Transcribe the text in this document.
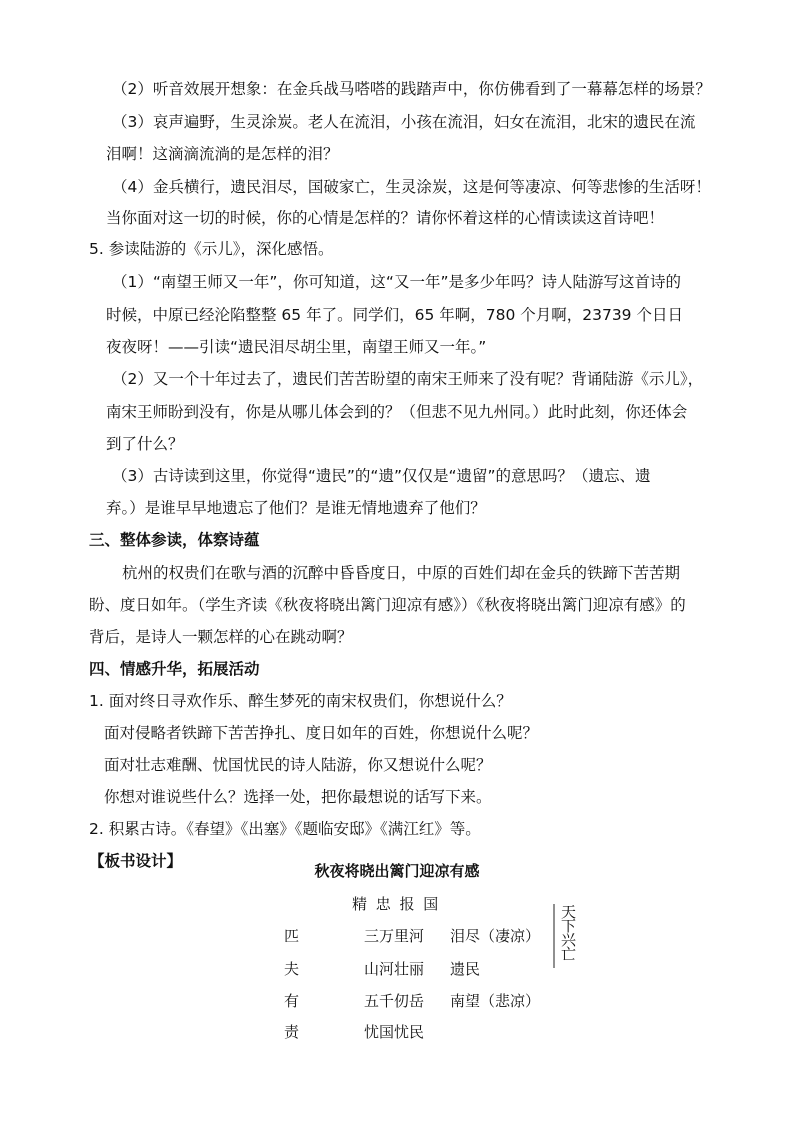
（2）听音效展开想象：在金兵战马嗒嗒的践踏声中，你仿佛看到了一幕幕怎样的场景？
（3）哀声遍野，生灵涂炭。老人在流泪，小孩在流泪，妇女在流泪，北宋的遗民在流
泪啊！这滴滴流淌的是怎样的泪？
（4）金兵横行，遗民泪尽，国破家亡，生灵涂炭，这是何等凄凉、何等悲惨的生活呀！
当你面对这一切的时候，你的心情是怎样的？请你怀着这样的心情读读这首诗吧！
5. 参读陆游的《示儿》，深化感悟。
（1）“南望王师又一年”，你可知道，这“又一年”是多少年吗？诗人陆游写这首诗的
时候，中原已经沦陷整整 65 年了。同学们，65 年啊，780 个月啊，23739 个日日
夜夜呀！——引读“遗民泪尽胡尘里，南望王师又一年。”
（2）又一个十年过去了，遗民们苦苦盼望的南宋王师来了没有呢？背诵陆游《示儿》，
南宋王师盼到没有，你是从哪儿体会到的？（但悲不见九州同。）此时此刻，你还体会
到了什么？
（3）古诗读到这里，你觉得“遗民”的“遗”仅仅是“遗留”的意思吗？（遗忘、遗
弃。）是谁早早地遗忘了他们？是谁无情地遗弃了他们？
三、整体参读，体察诗蕴
杭州的权贵们在歌与酒的沉醉中昏昏度日，中原的百姓们却在金兵的铁蹄下苦苦期
盼、度日如年。（学生齐读《秋夜将晓出篱门迎凉有感》）《秋夜将晓出篱门迎凉有感》的
背后，是诗人一颗怎样的心在跳动啊？
四、情感升华，拓展活动
1. 面对终日寻欢作乐、醉生梦死的南宋权贵们，你想说什么？
面对侵略者铁蹄下苦苦挣扎、度日如年的百姓，你想说什么呢？
面对壮志难酬、忧国忧民的诗人陆游，你又想说什么呢？
你想对谁说些什么？选择一处，把你最想说的话写下来。
2. 积累古诗。《春望》《出塞》《题临安邸》《满江红》等。
【板书设计】
秋夜将晓出篱门迎凉有感
精 忠 报 国
匹
夫
有
责
三万里河
山河壮丽
五千仞岳
忧国忧民
泪尽（凄凉）
遗民
南望（悲凉）
天下兴亡
